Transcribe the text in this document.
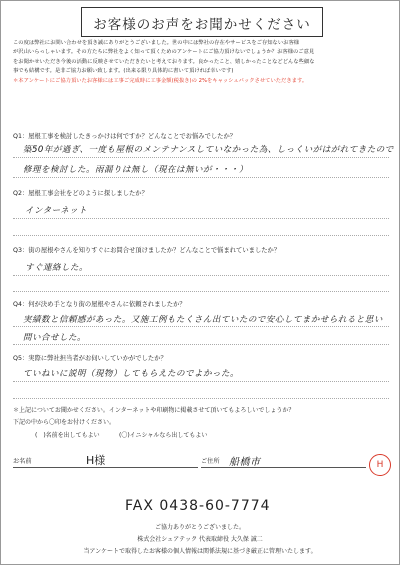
お客様のお声をお聞かせください

この度は弊社にお問い合わせを頂き誠にありがとうございました。世の中には弊社の存在やサービスをご存知ないお客様

が沢山いらっしゃいます。その方たちに弊社をよく知って頂くためのアンケートにご協力頂けないでしょうか？お客様のご意見

をお聞かせいただき今後の活動に反映させていただきたいと考えております。良かったこと、嬉しかったことなどどんな些細な

事でも結構です。是非ご協力お願い致します。(出来る限り具体的に書いて頂ければ幸いです)

＊本アンケートにご協力頂いたお客様には工事ご完成時に工事金額(税抜き)の 2%をキャッシュバックさせていただきます。

Q1：屋根工事を検討したきっかけは何ですか？どんなことでお悩みでしたか？
築50年が過ぎ、一度も屋根のメンテナンスしていなかった為、しっくいがはがれてきたので
修理を検討した。雨漏りは無し（現在は無いが・・・）
Q2：屋根工事会社をどのように探しましたか？
インターネット
Q3：街の屋根やさんを知りすぐにお問合せ頂けましたか？どんなことで悩まれていましたか？
すぐ連絡した。
Q4：何が決め手となり街の屋根やさんに依頼されましたか？
実績数と信頼感があった。又施工例もたくさん出ていたので安心してまかせられると思い
問い合せした。
Q5：実際に弊社担当者がお伺いしていかがでしたか？
ていねいに説明（現物）してもらえたのでよかった。
＊上記についてお聞かせください。インターネットや印刷物に掲載させて頂いてもよろしいでしょうか？
下記の中から〇印をお付けください。
(　)名前を出してもよい	(〇)イニシャルなら出してもよい
お名前	H様	ご住所 船橋市	H
FAX 0438-60-7774
ご協力ありがとうございました。
株式会社シェアテック 代表取締役 大久保 誠二
当アンケートで取得したお客様の個人情報は関係法規に基づき厳正に管理いたします。
